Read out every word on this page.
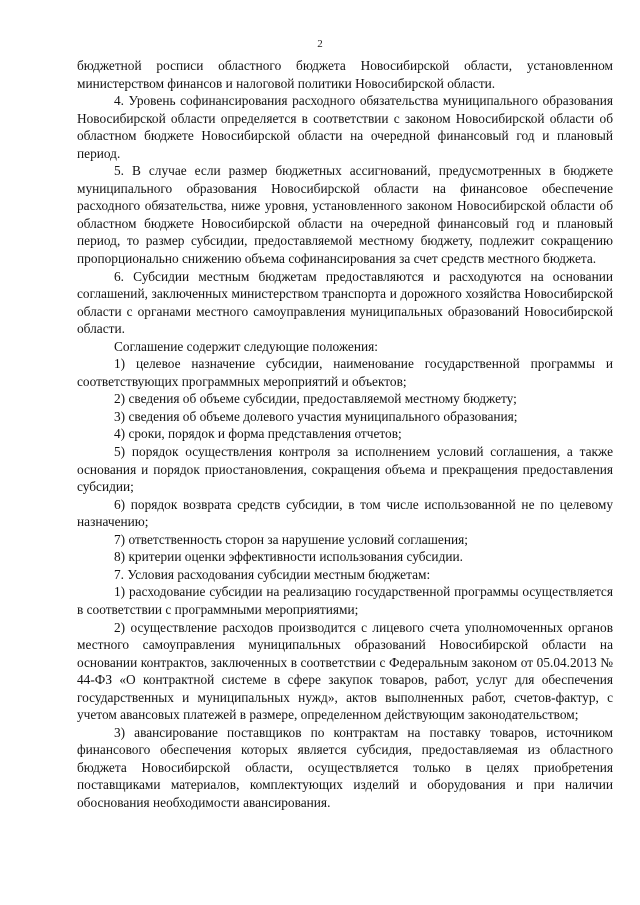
2

бюджетной росписи областного бюджета Новосибирской области, установленном министерством финансов и налоговой политики Новосибирской области.

4. Уровень софинансирования расходного обязательства муниципального образования Новосибирской области определяется в соответствии с законом Новосибирской области об областном бюджете Новосибирской области на очередной финансовый год и плановый период.

5. В случае если размер бюджетных ассигнований, предусмотренных в бюджете муниципального образования Новосибирской области на финансовое обеспечение расходного обязательства, ниже уровня, установленного законом Новосибирской области об областном бюджете Новосибирской области на очередной финансовый год и плановый период, то размер субсидии, предоставляемой местному бюджету, подлежит сокращению пропорционально снижению объема софинансирования за счет средств местного бюджета.

6. Субсидии местным бюджетам предоставляются и расходуются на основании соглашений, заключенных министерством транспорта и дорожного хозяйства Новосибирской области с органами местного самоуправления муниципальных образований Новосибирской области.

Соглашение содержит следующие положения:

1) целевое назначение субсидии, наименование государственной программы и соответствующих программных мероприятий и объектов;

2) сведения об объеме субсидии, предоставляемой местному бюджету;

3) сведения об объеме долевого участия муниципального образования;

4) сроки, порядок и форма представления отчетов;

5) порядок осуществления контроля за исполнением условий соглашения, а также основания и порядок приостановления, сокращения объема и прекращения предоставления субсидии;

6) порядок возврата средств субсидии, в том числе использованной не по целевому назначению;

7) ответственность сторон за нарушение условий соглашения;

8) критерии оценки эффективности использования субсидии.

7. Условия расходования субсидии местным бюджетам:

1) расходование субсидии на реализацию государственной программы осуществляется в соответствии с программными мероприятиями;

2) осуществление расходов производится с лицевого счета уполномоченных органов местного самоуправления муниципальных образований Новосибирской области на основании контрактов, заключенных в соответствии с Федеральным законом от 05.04.2013 № 44-ФЗ «О контрактной системе в сфере закупок товаров, работ, услуг для обеспечения государственных и муниципальных нужд», актов выполненных работ, счетов-фактур, с учетом авансовых платежей в размере, определенном действующим законодательством;

3) авансирование поставщиков по контрактам на поставку товаров, источником финансового обеспечения которых является субсидия, предоставляемая из областного бюджета Новосибирской области, осуществляется только в целях приобретения поставщиками материалов, комплектующих изделий и оборудования и при наличии обоснования необходимости авансирования.
